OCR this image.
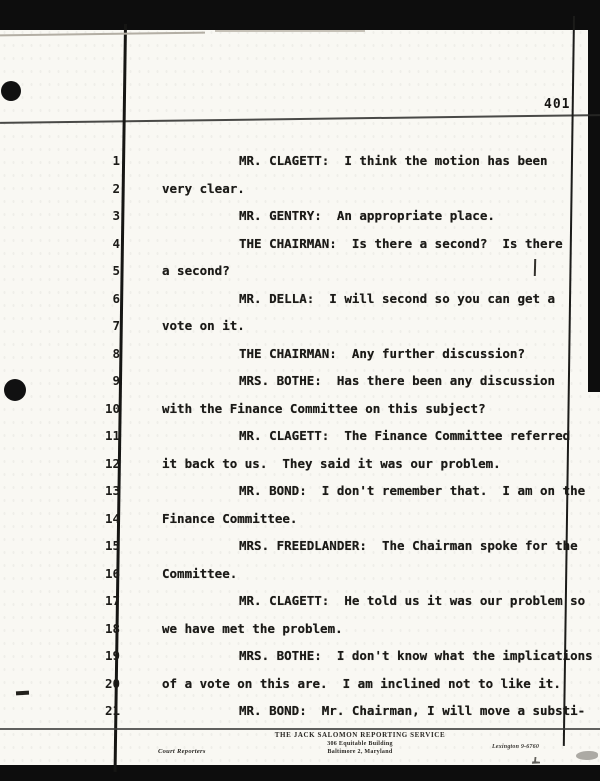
401
1	MR. CLAGETT:  I think the motion has been
2	very clear.
3	MR. GENTRY:  An appropriate place.
4	THE CHAIRMAN:  Is there a second?  Is there
5	a second?
6	MR. DELLA:  I will second so you can get a
7	vote on it.
8	THE CHAIRMAN:  Any further discussion?
9	MRS. BOTHE:  Has there been any discussion
10	with the Finance Committee on this subject?
11	MR. CLAGETT:  The Finance Committee referred
12	it back to us.  They said it was our problem.
13	MR. BOND:  I don't remember that.  I am on the
14	Finance Committee.
15	MRS. FREEDLANDER:  The Chairman spoke for the
16	Committee.
17	MR. CLAGETT:  He told us it was our problem so
18	we have met the problem.
19	MRS. BOTHE:  I don't know what the implications
20	of a vote on this are.  I am inclined not to like it.
21	MR. BOND:  Mr. Chairman, I will move a substi-
Court Reporters
THE JACK SALOMON REPORTING SERVICE
306 Equitable Building
Baltimore 2, Maryland
Lexington 9-6760
